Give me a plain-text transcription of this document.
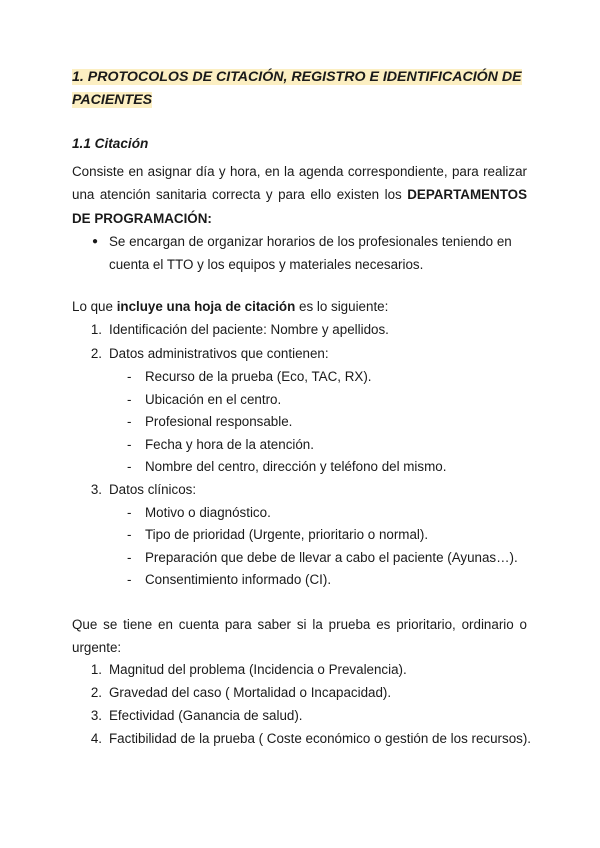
1. PROTOCOLOS DE CITACIÓN, REGISTRO E IDENTIFICACIÓN DE
PACIENTES
1.1 Citación
Consiste en asignar día y hora, en la agenda correspondiente, para realizar una atención sanitaria correcta y para ello existen los DEPARTAMENTOS DE PROGRAMACIÓN:
● Se encargan de organizar horarios de los profesionales teniendo en
cuenta el TTO y los equipos y materiales necesarios.
Lo que incluye una hoja de citación es lo siguiente:
1. Identificación del paciente: Nombre y apellidos.
2. Datos administrativos que contienen:
- Recurso de la prueba (Eco, TAC, RX).
- Ubicación en el centro.
- Profesional responsable.
- Fecha y hora de la atención.
- Nombre del centro, dirección y teléfono del mismo.
3. Datos clínicos:
- Motivo o diagnóstico.
- Tipo de prioridad (Urgente, prioritario o normal).
- Preparación que debe de llevar a cabo el paciente (Ayunas…).
- Consentimiento informado (CI).
Que se tiene en cuenta para saber si la prueba es prioritario, ordinario o urgente:
1. Magnitud del problema (Incidencia o Prevalencia).
2. Gravedad del caso ( Mortalidad o Incapacidad).
3. Efectividad (Ganancia de salud).
4. Factibilidad de la prueba ( Coste económico o gestión de los recursos).
